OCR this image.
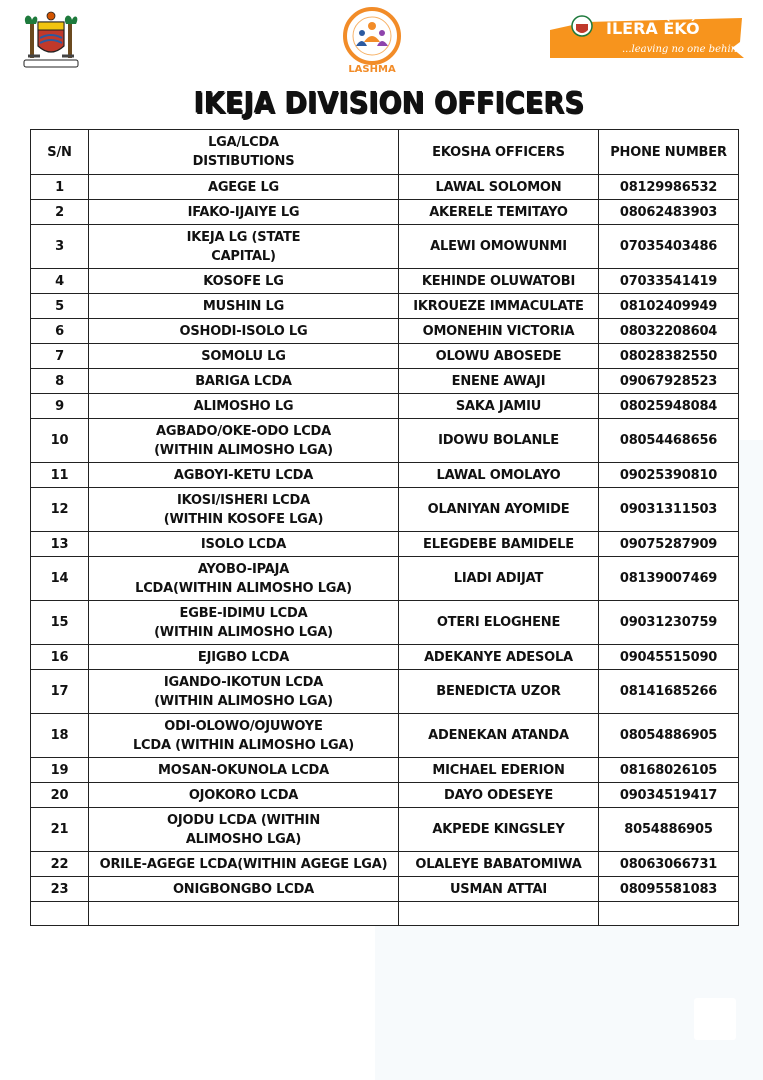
LASHMA
ÌLERA ÈKÓ
...leaving no one behind
IKEJA DIVISION OFFICERS
S/N	LGA/LCDA
DISTIBUTIONS	EKOSHA OFFICERS	PHONE NUMBER
1	AGEGE LG	LAWAL SOLOMON	08129986532
2	IFAKO-IJAIYE LG	AKERELE TEMITAYO	08062483903
3	IKEJA LG (STATE
CAPITAL)	ALEWI OMOWUNMI	07035403486
4	KOSOFE LG	KEHINDE OLUWATOBI	07033541419
5	MUSHIN LG	IKROUEZE IMMACULATE	08102409949
6	OSHODI-ISOLO LG	OMONEHIN VICTORIA	08032208604
7	SOMOLU LG	OLOWU ABOSEDE	08028382550
8	BARIGA LCDA	ENENE AWAJI	09067928523
9	ALIMOSHO LG	SAKA JAMIU	08025948084
10	AGBADO/OKE-ODO LCDA
(WITHIN ALIMOSHO LGA)	IDOWU BOLANLE	08054468656
11	AGBOYI-KETU LCDA	LAWAL OMOLAYO	09025390810
12	IKOSI/ISHERI LCDA
(WITHIN KOSOFE LGA)	OLANIYAN AYOMIDE	09031311503
13	ISOLO LCDA	ELEGDEBE BAMIDELE	09075287909
14	AYOBO-IPAJA
LCDA(WITHIN ALIMOSHO LGA)	LIADI ADIJAT	08139007469
15	EGBE-IDIMU LCDA
(WITHIN ALIMOSHO LGA)	OTERI ELOGHENE	09031230759
16	EJIGBO LCDA	ADEKANYE ADESOLA	09045515090
17	IGANDO-IKOTUN LCDA
(WITHIN ALIMOSHO LGA)	BENEDICTA UZOR	08141685266
18	ODI-OLOWO/OJUWOYE
LCDA (WITHIN ALIMOSHO LGA)	ADENEKAN ATANDA	08054886905
19	MOSAN-OKUNOLA LCDA	MICHAEL EDERION	08168026105
20	OJOKORO LCDA	DAYO ODESEYE	09034519417
21	OJODU LCDA (WITHIN
ALIMOSHO LGA)	AKPEDE KINGSLEY	8054886905
22	ORILE-AGEGE LCDA(WITHIN AGEGE LGA)	OLALEYE BABATOMIWA	08063066731
23	ONIGBONGBO LCDA	USMAN ATTAI	08095581083
